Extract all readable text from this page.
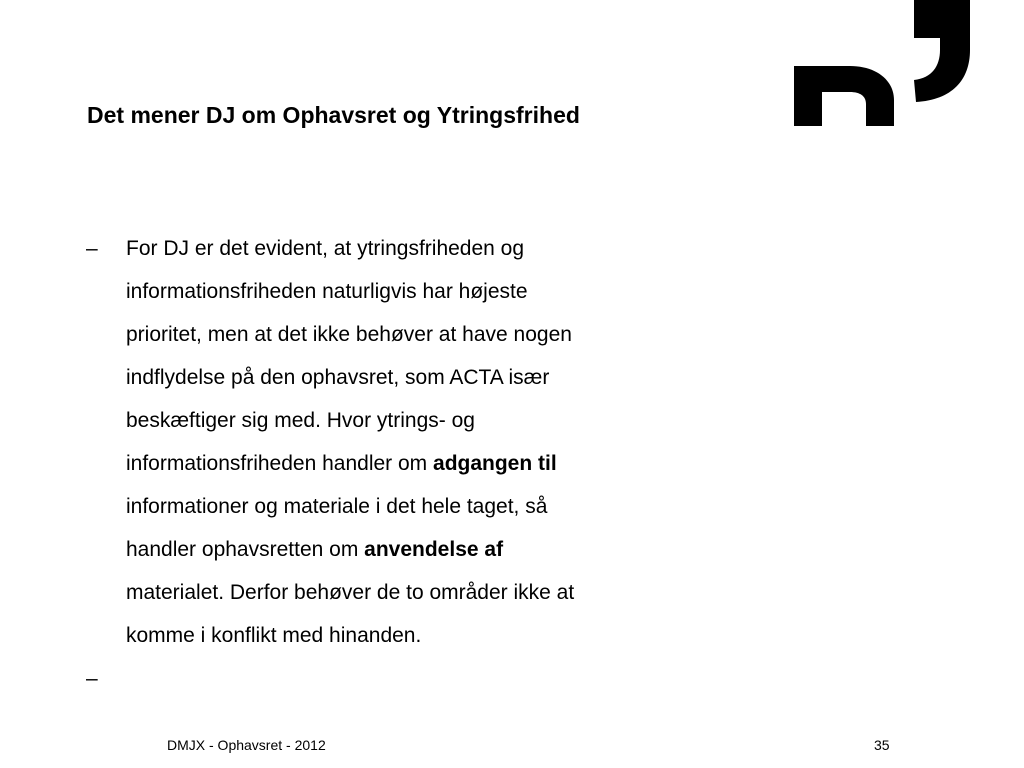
Det mener DJ om Ophavsret og Ytringsfrihed
–	For DJ er det evident, at ytringsfriheden og
informationsfriheden naturligvis har højeste
prioritet, men at det ikke behøver at have nogen
indflydelse på den ophavsret, som ACTA især
beskæftiger sig med. Hvor ytrings- og
informationsfriheden handler om adgangen til
informationer og materiale i det hele taget, så
handler ophavsretten om anvendelse af
materialet. Derfor behøver de to områder ikke at
komme i konflikt med hinanden.
–
DMJX - Ophavsret - 2012	35
